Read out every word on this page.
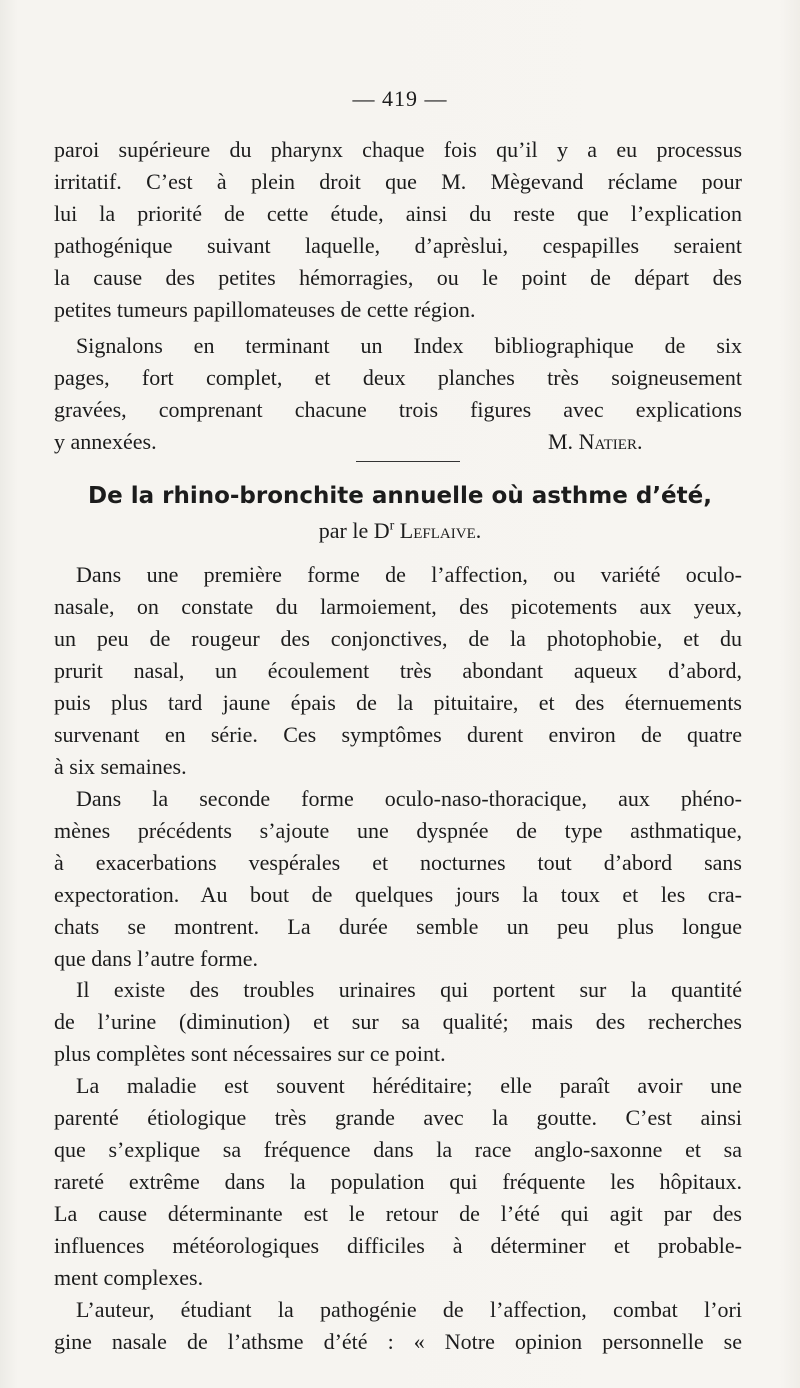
— 419 —
paroi supérieure du pharynx chaque fois qu’il y a eu processus
irritatif. C’est à plein droit que M. Mègevand réclame pour
lui la priorité de cette étude, ainsi du reste que l’explication
pathogénique suivant laquelle, d’aprèslui, cespapilles seraient
la cause des petites hémorragies, ou le point de départ des
petites tumeurs papillomateuses de cette région.
Signalons en terminant un Index bibliographique de six
pages, fort complet, et deux planches très soigneusement
gravées, comprenant chacune trois figures avec explications
y annexées.	M. Natier.
De la rhino-bronchite annuelle où asthme d’été,
par le $D^r$ Leflaive.
Dans une première forme de l’affection, ou variété oculo-
nasale, on constate du larmoiement, des picotements aux yeux,
un peu de rougeur des conjonctives, de la photophobie, et du
prurit nasal, un écoulement très abondant aqueux d’abord,
puis plus tard jaune épais de la pituitaire, et des éternuements
survenant en série. Ces symptômes durent environ de quatre
à six semaines.
Dans la seconde forme oculo-naso-thoracique, aux phéno-
mènes précédents s’ajoute une dyspnée de type asthmatique,
à exacerbations vespérales et nocturnes tout d’abord sans
expectoration. Au bout de quelques jours la toux et les cra-
chats se montrent. La durée semble un peu plus longue
que dans l’autre forme.
Il existe des troubles urinaires qui portent sur la quantité
de l’urine (diminution) et sur sa qualité; mais des recherches
plus complètes sont nécessaires sur ce point.
La maladie est souvent héréditaire; elle paraît avoir une
parenté étiologique très grande avec la goutte. C’est ainsi
que s’explique sa fréquence dans la race anglo-saxonne et sa
rareté extrême dans la population qui fréquente les hôpitaux.
La cause déterminante est le retour de l’été qui agit par des
influences météorologiques difficiles à déterminer et probable-
ment complexes.
L’auteur, étudiant la pathogénie de l’affection, combat l’ori
gine nasale de l’athsme d’été : « Notre opinion personnelle se
